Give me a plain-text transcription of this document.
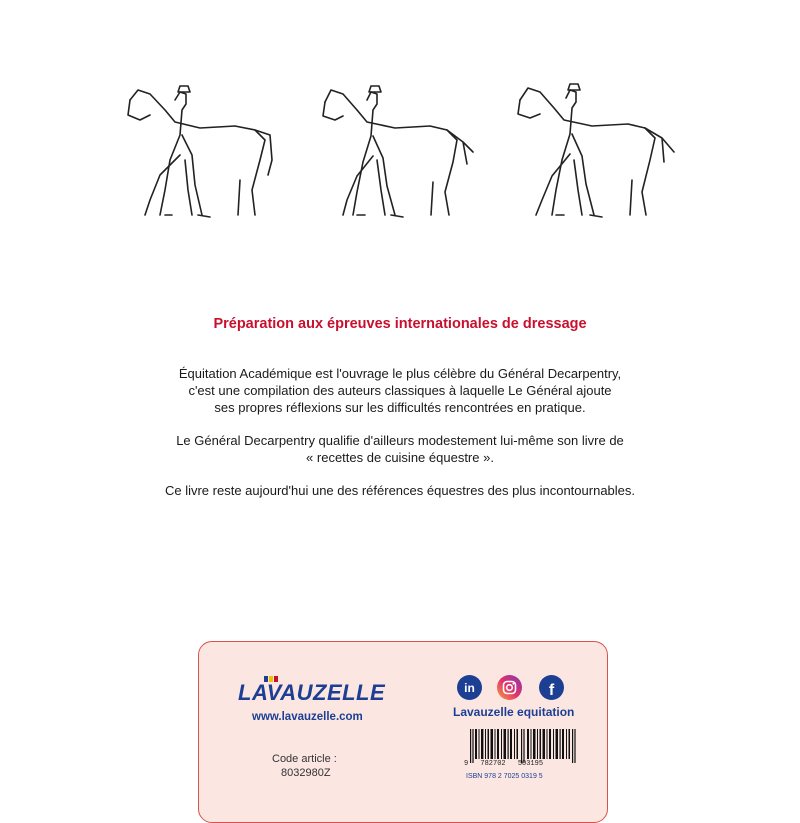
Préparation aux épreuves internationales de dressage

Équitation Académique est l'ouvrage le plus célèbre du Général Decarpentry,
c'est une compilation des auteurs classiques à laquelle Le Général ajoute
ses propres réflexions sur les difficultés rencontrées en pratique.

Le Général Decarpentry qualifie d'ailleurs modestement lui-même son livre de
« recettes de cuisine équestre ».

Ce livre reste aujourd'hui une des références équestres des plus incontournables.

LAVAUZELLE
www.lavauzelle.com
Code article :
8032980Z
in	f
Lavauzelle equitation
9 782702 503195
ISBN 978 2 7025 0319 5
